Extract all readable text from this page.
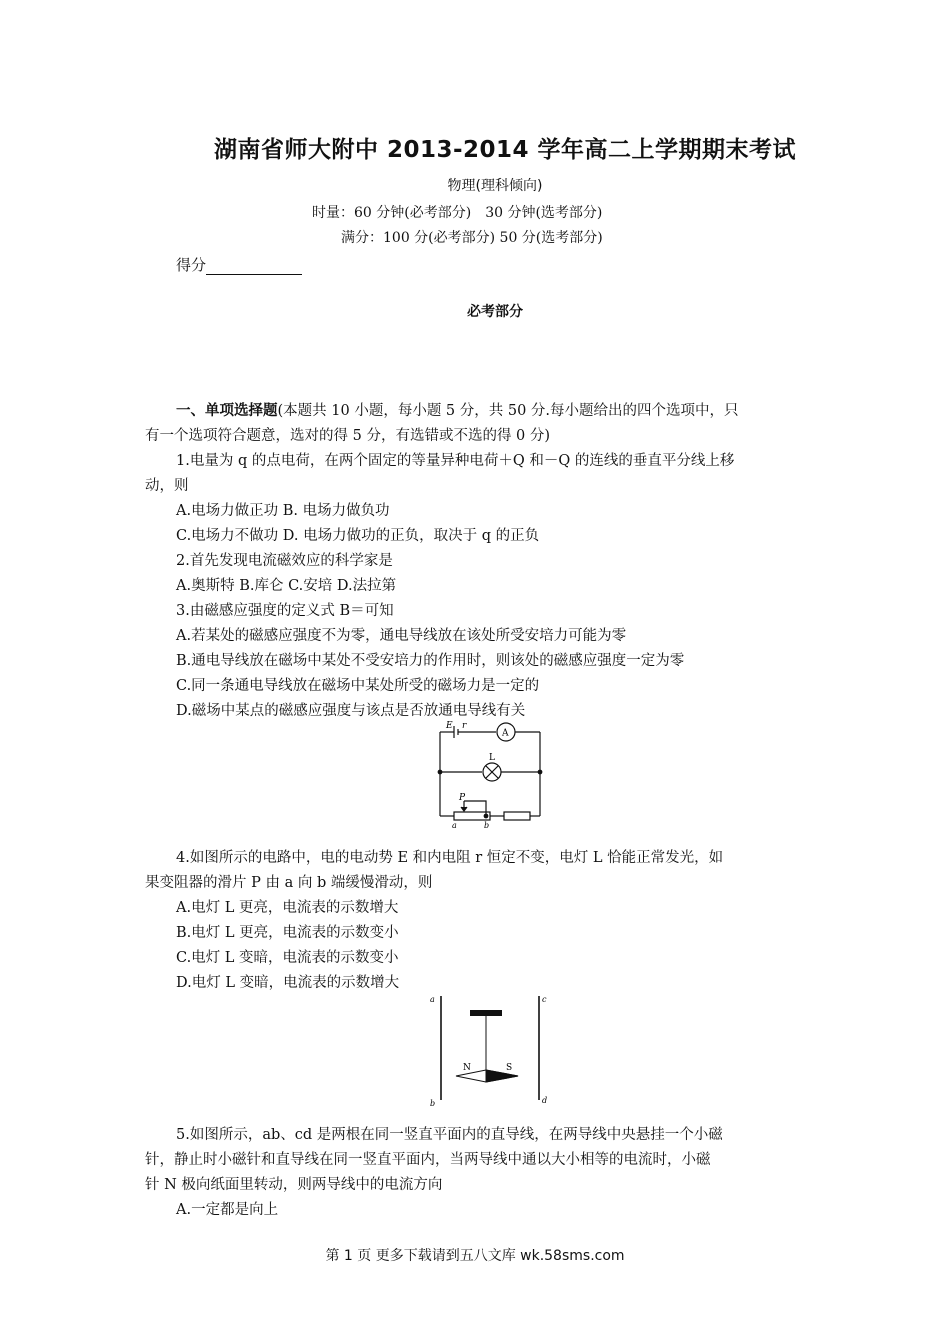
湖南省师大附中 2013-2014 学年高二上学期期末考试
物理(理科倾向)
时量：60 分钟(必考部分)　30 分钟(选考部分)
满分：100 分(必考部分) 50 分(选考部分)
得分
必考部分
一、单项选择题(本题共 10 小题，每小题 5 分，共 50 分.每小题给出的四个选项中，只
有一个选项符合题意，选对的得 5 分，有选错或不选的得 0 分)
1.电量为 q 的点电荷，在两个固定的等量异种电荷＋Q 和－Q 的连线的垂直平分线上移
动，则
A.电场力做正功 B. 电场力做负功
C.电场力不做功 D. 电场力做功的正负，取决于 q 的正负
2.首先发现电流磁效应的科学家是
A.奥斯特 B.库仑 C.安培 D.法拉第
3.由磁感应强度的定义式 B＝可知
A.若某处的磁感应强度不为零，通电导线放在该处所受安培力可能为零
B.通电导线放在磁场中某处不受安培力的作用时，则该处的磁感应强度一定为零
C.同一条通电导线放在磁场中某处所受的磁场力是一定的
D.磁场中某点的磁感应强度与该点是否放通电导线有关
E r
A
L
P
a	b
4.如图所示的电路中，电的电动势 E 和内电阻 r 恒定不变，电灯 L 恰能正常发光，如
果变阻器的滑片 P 由 a 向 b 端缓慢滑动，则
A.电灯 L 更亮，电流表的示数增大
B.电灯 L 更亮，电流表的示数变小
C.电灯 L 变暗，电流表的示数变小
D.电灯 L 变暗，电流表的示数增大
a
b
c
d
N	S
5.如图所示，ab、cd 是两根在同一竖直平面内的直导线，在两导线中央悬挂一个小磁
针，静止时小磁针和直导线在同一竖直平面内，当两导线中通以大小相等的电流时，小磁
针 N 极向纸面里转动，则两导线中的电流方向
A.一定都是向上
第 1 页 更多下载请到五八文库 wk.58sms.com
